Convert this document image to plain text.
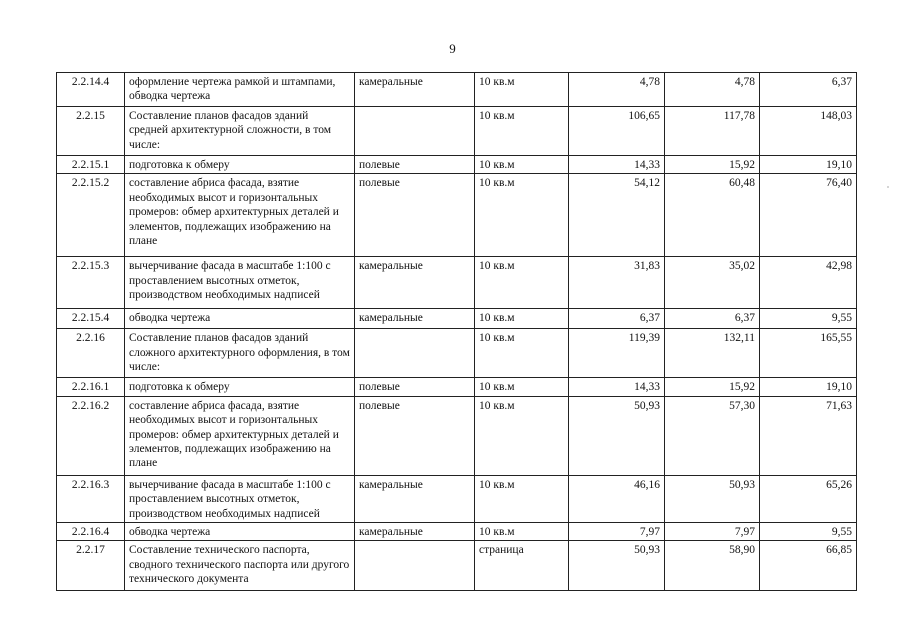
9
2.2.14.4	оформление чертежа рамкой и штампами, обводка чертежа	камеральные	10 кв.м	4,78	4,78	6,37
2.2.15	Составление планов фасадов зданий средней архитектурной сложности, в том числе:		10 кв.м	106,65	117,78	148,03
2.2.15.1	подготовка к обмеру	полевые	10 кв.м	14,33	15,92	19,10
2.2.15.2	составление абриса фасада, взятие необходимых высот и горизонтальных промеров: обмер архитектурных деталей и элементов, подлежащих изображению на плане	полевые	10 кв.м	54,12	60,48	76,40
2.2.15.3	вычерчивание фасада в масштабе 1:100 с проставлением высотных отметок, производством необходимых надписей	камеральные	10 кв.м	31,83	35,02	42,98
2.2.15.4	обводка чертежа	камеральные	10 кв.м	6,37	6,37	9,55
2.2.16	Составление планов фасадов зданий сложного архитектурного оформления, в том числе:		10 кв.м	119,39	132,11	165,55
2.2.16.1	подготовка к обмеру	полевые	10 кв.м	14,33	15,92	19,10
2.2.16.2	составление абриса фасада, взятие необходимых высот и горизонтальных промеров: обмер архитектурных деталей и элементов, подлежащих изображению на плане	полевые	10 кв.м	50,93	57,30	71,63
2.2.16.3	вычерчивание фасада в масштабе 1:100 с проставлением высотных отметок, производством необходимых надписей	камеральные	10 кв.м	46,16	50,93	65,26
2.2.16.4	обводка чертежа	камеральные	10 кв.м	7,97	7,97	9,55
2.2.17	Составление технического паспорта, сводного технического паспорта или другого технического документа		страница	50,93	58,90	66,85
